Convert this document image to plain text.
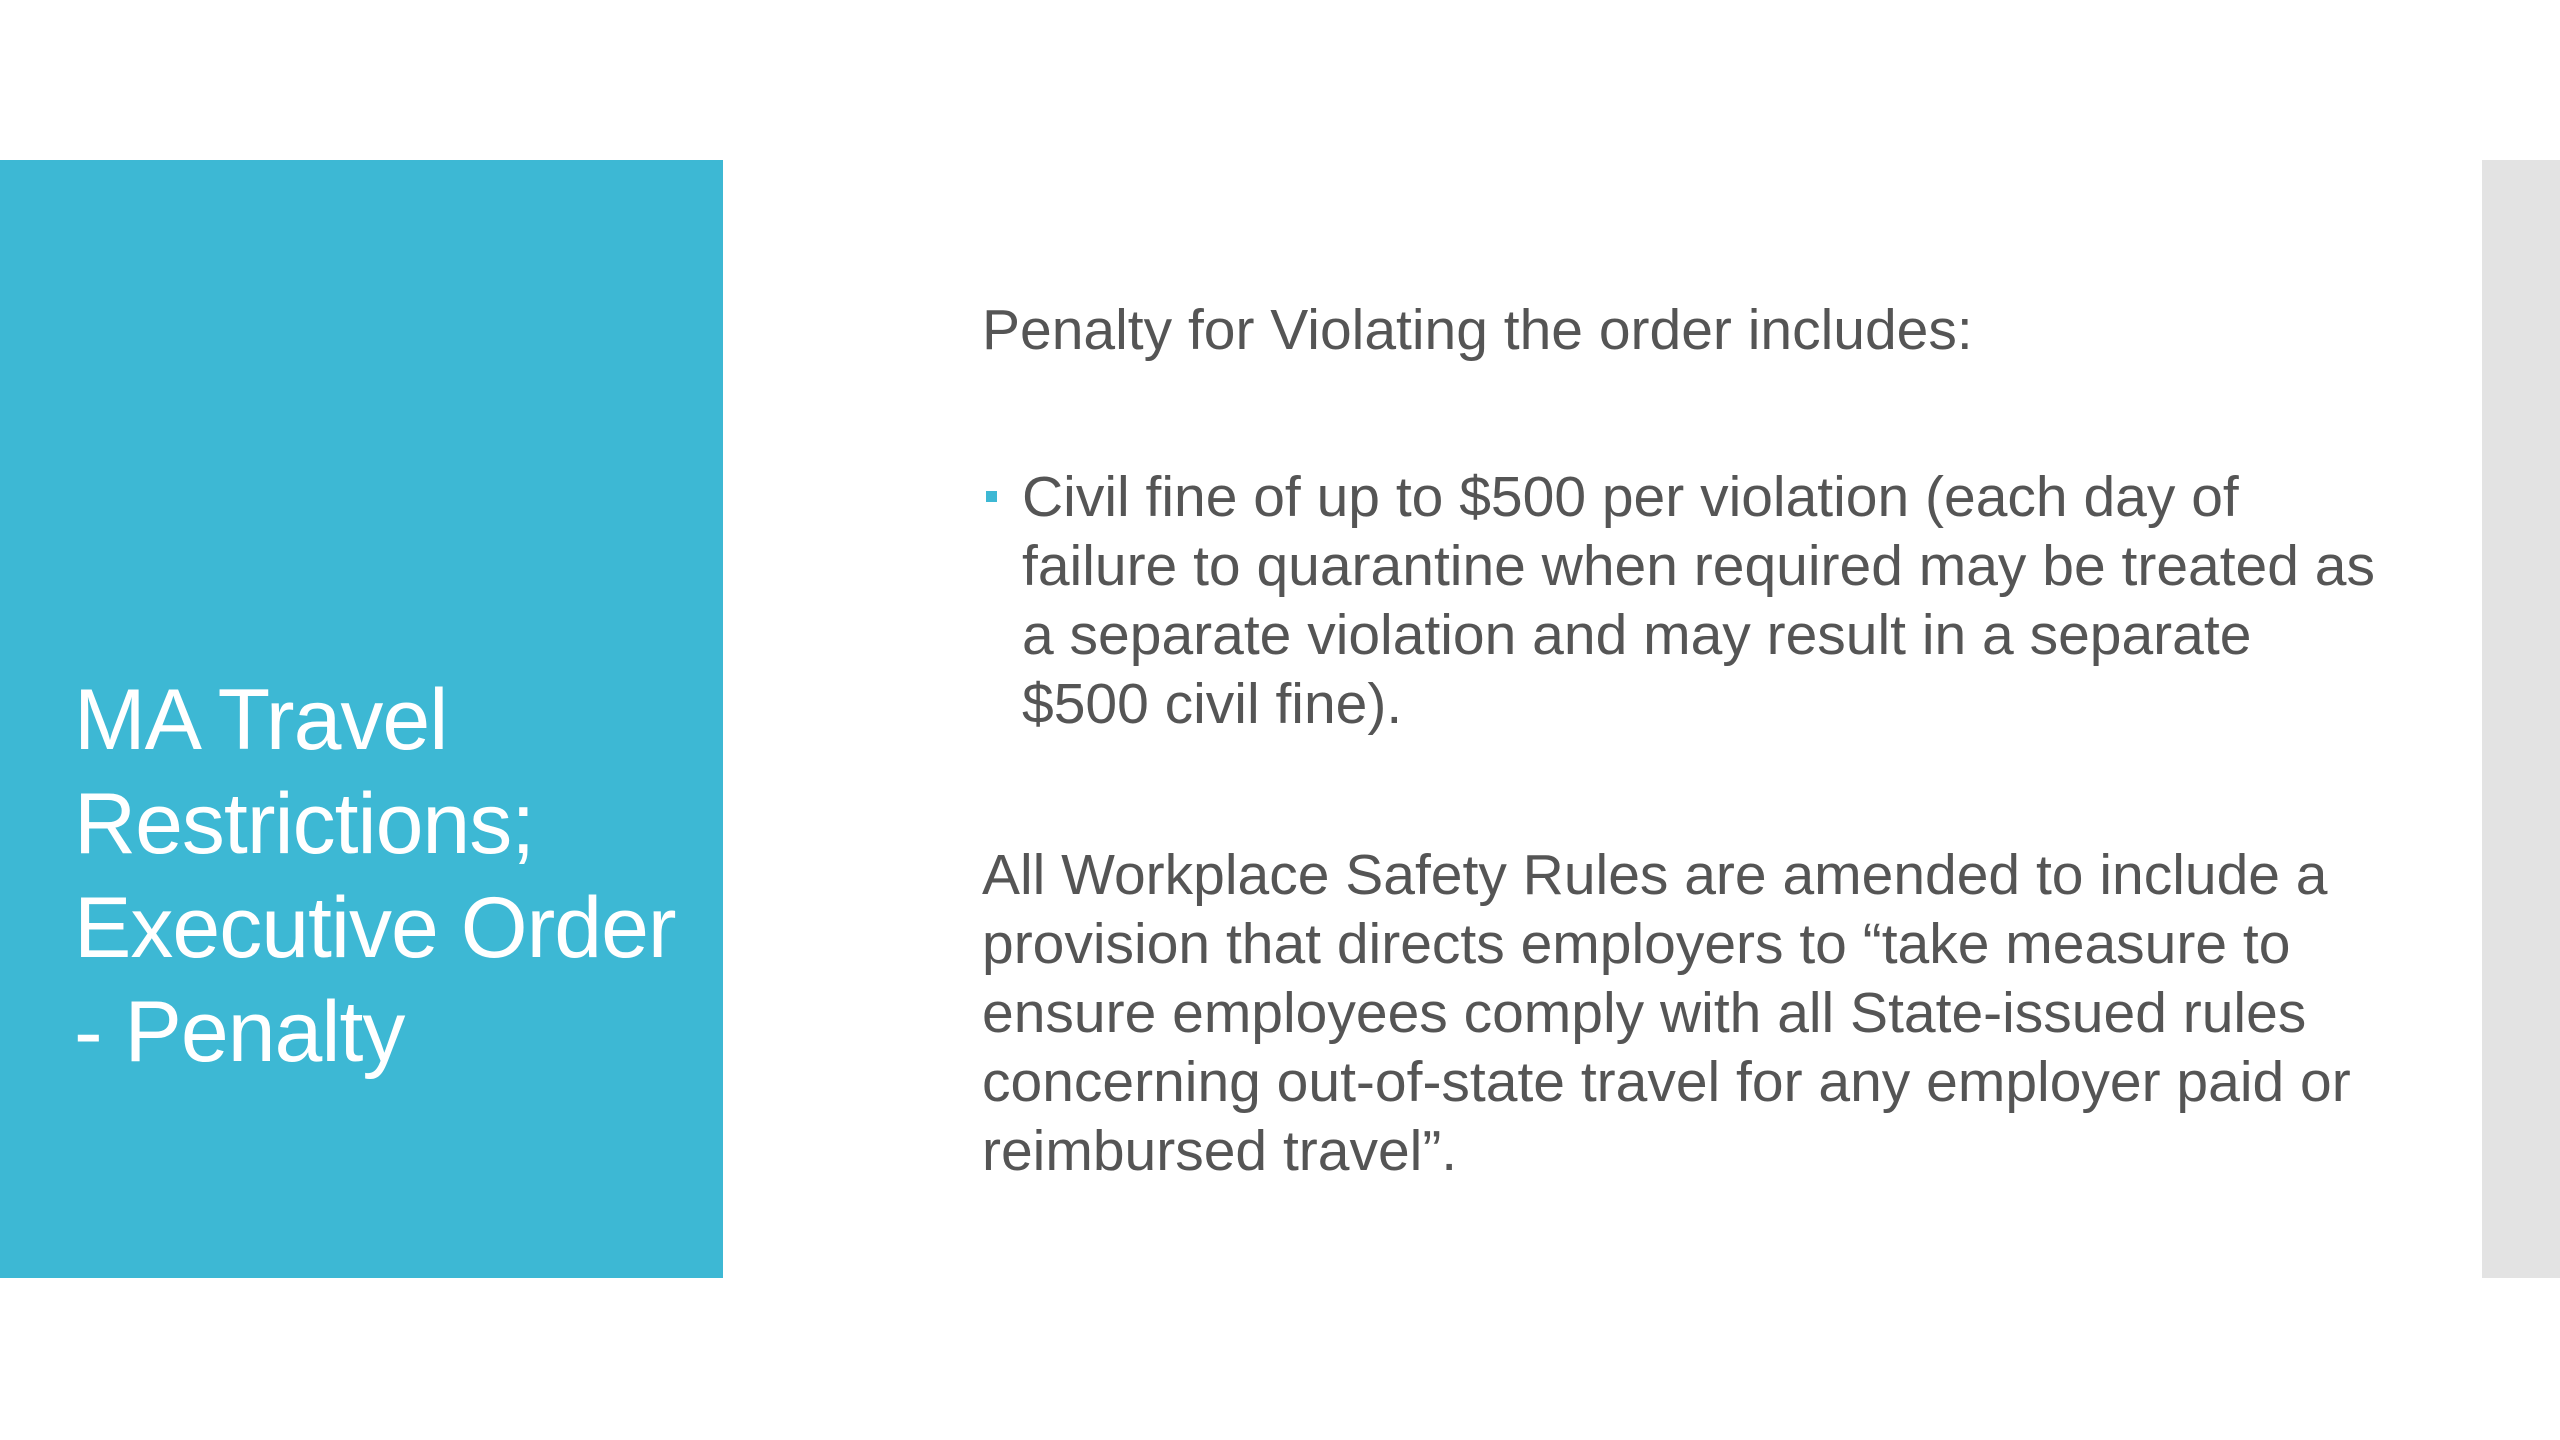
MA Travel Restrictions; Executive Order - Penalty

Penalty for Violating the order includes:

Civil fine of up to $500 per violation (each day of failure to quarantine when required may be treated as a separate violation and may result in a separate $500 civil fine).

All Workplace Safety Rules are amended to include a provision that directs employers to “take measure to ensure employees comply with all State-issued rules concerning out-of-state travel for any employer paid or reimbursed travel”.
